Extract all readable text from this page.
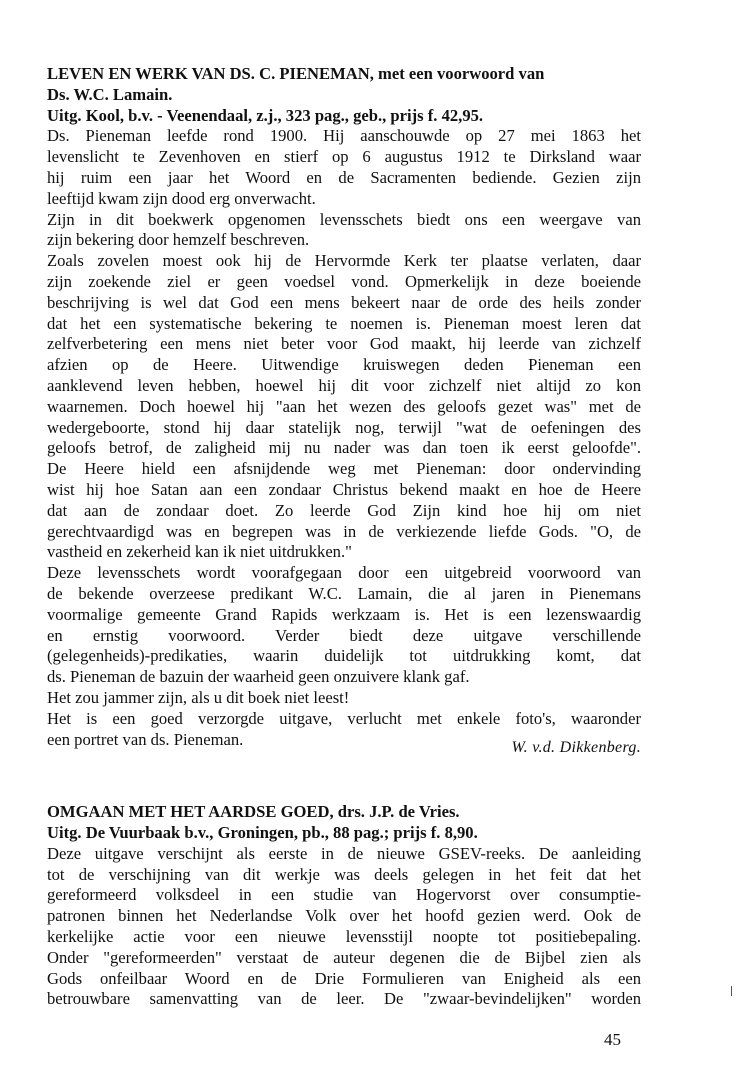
LEVEN EN WERK VAN DS. C. PIENEMAN, met een voorwoord van
Ds. W.C. Lamain.
Uitg. Kool, b.v. - Veenendaal, z.j., 323 pag., geb., prijs f. 42,95.
Ds. Pieneman leefde rond 1900. Hij aanschouwde op 27 mei 1863 het
levenslicht te Zevenhoven en stierf op 6 augustus 1912 te Dirksland waar
hij ruim een jaar het Woord en de Sacramenten bediende. Gezien zijn
leeftijd kwam zijn dood erg onverwacht.
Zijn in dit boekwerk opgenomen levensschets biedt ons een weergave van
zijn bekering door hemzelf beschreven.
Zoals zovelen moest ook hij de Hervormde Kerk ter plaatse verlaten, daar
zijn zoekende ziel er geen voedsel vond. Opmerkelijk in deze boeiende
beschrijving is wel dat God een mens bekeert naar de orde des heils zonder
dat het een systematische bekering te noemen is. Pieneman moest leren dat
zelfverbetering een mens niet beter voor God maakt, hij leerde van zichzelf
afzien op de Heere. Uitwendige kruiswegen deden Pieneman een
aanklevend leven hebben, hoewel hij dit voor zichzelf niet altijd zo kon
waarnemen. Doch hoewel hij "aan het wezen des geloofs gezet was" met de
wedergeboorte, stond hij daar statelijk nog, terwijl "wat de oefeningen des
geloofs betrof, de zaligheid mij nu nader was dan toen ik eerst geloofde".
De Heere hield een afsnijdende weg met Pieneman: door ondervinding
wist hij hoe Satan aan een zondaar Christus bekend maakt en hoe de Heere
dat aan de zondaar doet. Zo leerde God Zijn kind hoe hij om niet
gerechtvaardigd was en begrepen was in de verkiezende liefde Gods. "O, de
vastheid en zekerheid kan ik niet uitdrukken."
Deze levensschets wordt voorafgegaan door een uitgebreid voorwoord van
de bekende overzeese predikant W.C. Lamain, die al jaren in Pienemans
voormalige gemeente Grand Rapids werkzaam is. Het is een lezenswaardig
en ernstig voorwoord. Verder biedt deze uitgave verschillende
(gelegenheids)-predikaties, waarin duidelijk tot uitdrukking komt, dat
ds. Pieneman de bazuin der waarheid geen onzuivere klank gaf.
Het zou jammer zijn, als u dit boek niet leest!
Het is een goed verzorgde uitgave, verlucht met enkele foto's, waaronder
een portret van ds. Pieneman.	W. v.d. Dikkenberg.
OMGAAN MET HET AARDSE GOED, drs. J.P. de Vries.
Uitg. De Vuurbaak b.v., Groningen, pb., 88 pag.; prijs f. 8,90.
Deze uitgave verschijnt als eerste in de nieuwe GSEV-reeks. De aanleiding
tot de verschijning van dit werkje was deels gelegen in het feit dat het
gereformeerd volksdeel in een studie van Hogervorst over consumptie-
patronen binnen het Nederlandse Volk over het hoofd gezien werd. Ook de
kerkelijke actie voor een nieuwe levensstijl noopte tot positiebepaling.
Onder "gereformeerden" verstaat de auteur degenen die de Bijbel zien als
Gods onfeilbaar Woord en de Drie Formulieren van Enigheid als een
betrouwbare samenvatting van de leer. De "zwaar-bevindelijken" worden
45
